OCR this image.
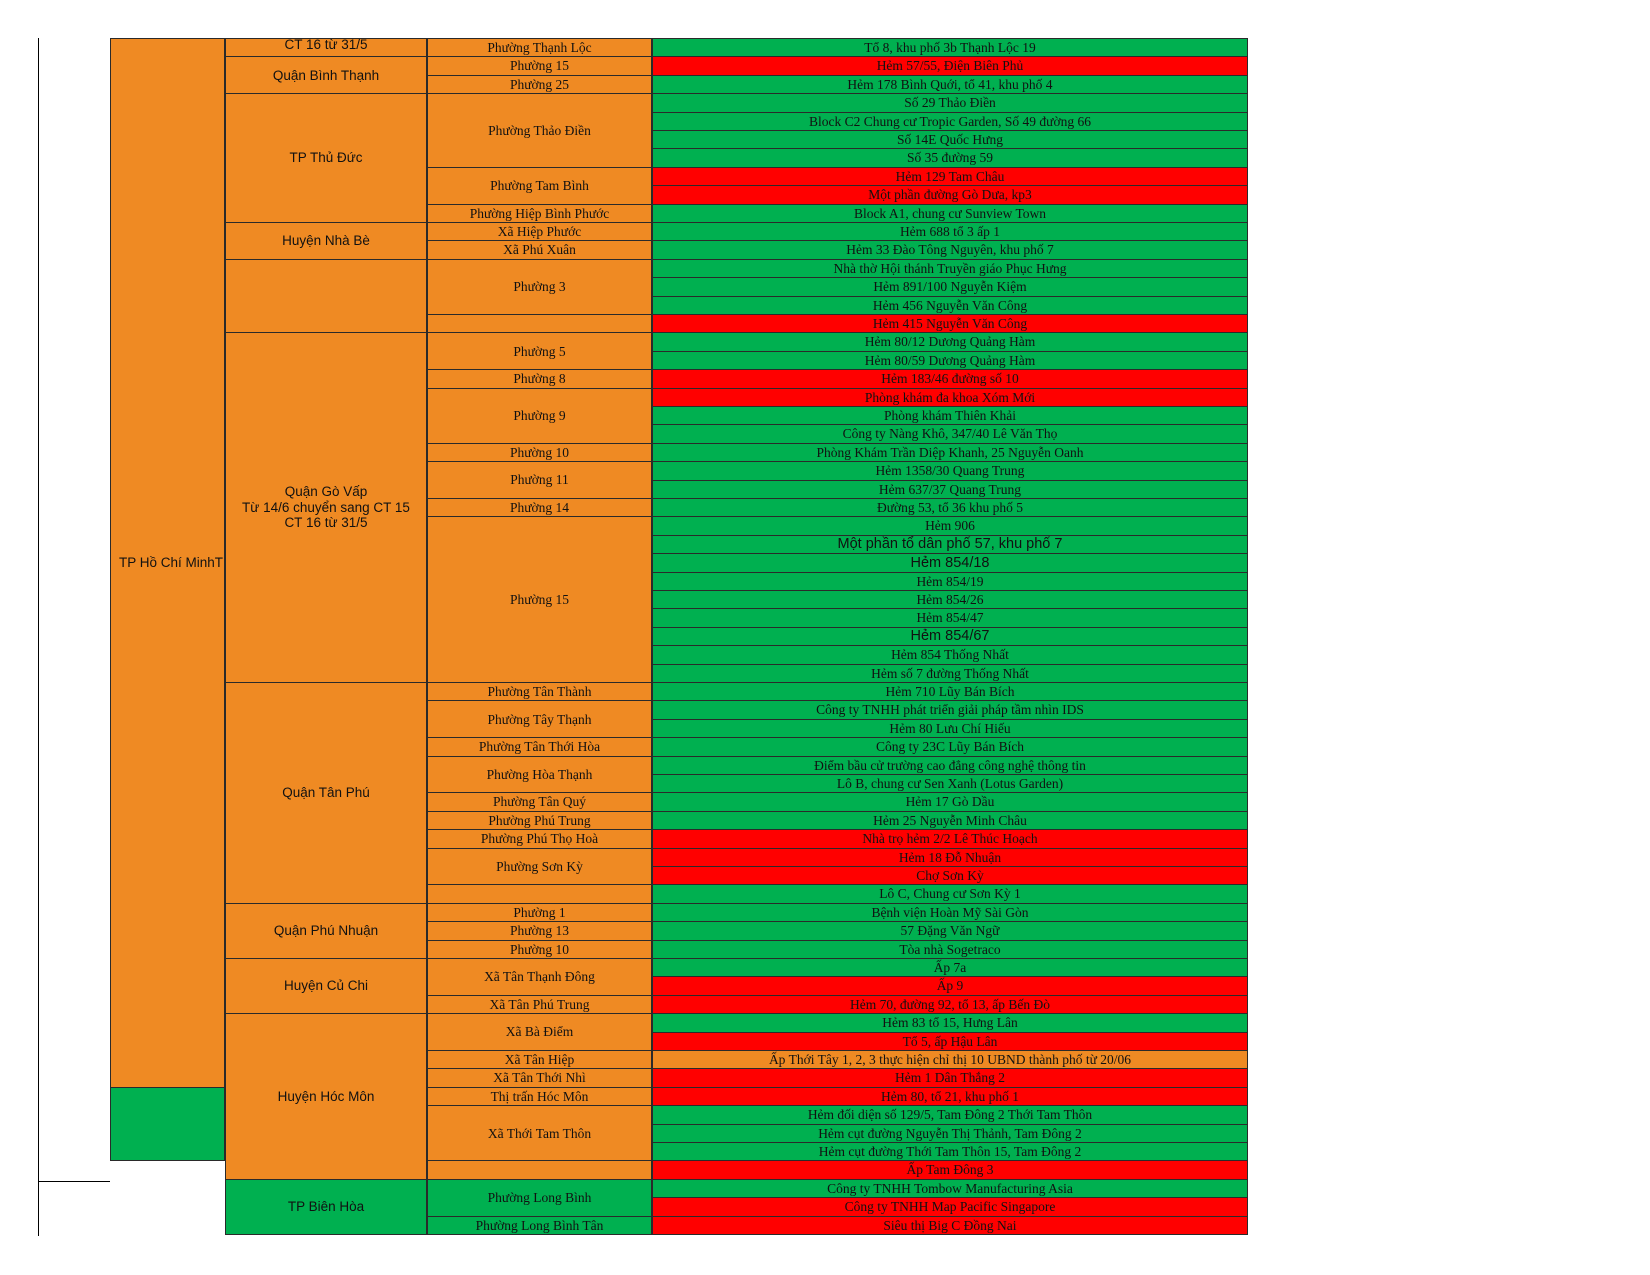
TP Hồ Chí MinhT
CT 16 từ 31/5
Quận Bình Thạnh
TP Thủ Đức
Huyện Nhà Bè
Quận Gò Vấp
Từ 14/6 chuyển sang CT 15
CT 16 từ 31/5
Quận Tân Phú
Quận Phú Nhuận
Huyện Củ Chi
Huyện Hóc Môn
TP Biên Hòa
Phường Thạnh Lộc
Phường 15
Phường 25
Phường Thảo Điền
Phường Tam Bình
Phường Hiệp Bình Phước
Xã Hiệp Phước
Xã Phú Xuân
Phường 3
Phường 5
Phường 8
Phường 9
Phường 10
Phường 11
Phường 14
Phường 15
Phường Tân Thành
Phường Tây Thạnh
Phường Tân Thới Hòa
Phường Hòa Thạnh
Phường Tân Quý
Phường Phú Trung
Phường Phú Thọ Hoà
Phường Sơn Kỳ
Phường 1
Phường 13
Phường 10
Xã Tân Thạnh Đông
Xã Tân Phú Trung
Xã Bà Điểm
Xã Tân Hiệp
Xã Tân Thới Nhì
Thị trấn Hóc Môn
Xã Thới Tam Thôn
Phường Long Bình
Phường Long Bình Tân
Tổ 8, khu phố 3b Thạnh Lộc 19
Hẻm 57/55, Điện Biên Phủ
Hẻm 178 Bình Quới, tổ 41, khu phố 4
Số 29 Thảo Điền
Block C2 Chung cư Tropic Garden, Số 49 đường 66
Số 14E Quốc Hưng
Số 35 đường 59
Hẻm 129 Tam Châu
Một phần đường Gò Dưa, kp3
Block A1, chung cư Sunview Town
Hẻm 688 tổ 3 ấp 1
Hẻm 33 Đào Tông Nguyên, khu phố 7
Nhà thờ Hội thánh Truyền giáo Phục Hưng
Hẻm 891/100 Nguyễn Kiệm
Hẻm 456 Nguyễn Văn Công
Hẻm 415 Nguyễn Văn Công
Hẻm 80/12 Dương Quảng Hàm
Hẻm 80/59 Dương Quảng Hàm
Hẻm 183/46 đường số 10
Phòng khám đa khoa Xóm Mới
Phòng khám Thiên Khải
Công ty Nàng Khô, 347/40 Lê Văn Thọ
Phòng Khám Trần Diệp Khanh, 25 Nguyễn Oanh
Hẻm 1358/30 Quang Trung
Hẻm 637/37 Quang Trung
Đường 53, tổ 36 khu phố 5
Hẻm 906
Một phần tổ dân phố 57, khu phố 7
Hẻm 854/18
Hẻm 854/19
Hẻm 854/26
Hẻm 854/47
Hẻm 854/67
Hẻm 854 Thống Nhất
Hẻm số 7 đường Thống Nhất
Hẻm 710 Lũy Bán Bích
Công ty TNHH phát triển giải pháp tầm nhìn IDS
Hẻm 80 Lưu Chí Hiếu
Công ty 23C Lũy Bán Bích
Điểm bầu cử trường cao đẳng công nghệ thông tin
Lô B, chung cư Sen Xanh (Lotus Garden)
Hẻm 17 Gò Dầu
Hẻm 25 Nguyễn Minh Châu
Nhà trọ hẻm 2/2 Lê Thúc Hoạch
Hẻm 18 Đỗ Nhuận
Chợ Sơn Kỳ
Lô C, Chung cư Sơn Kỳ 1
Bệnh viện Hoàn Mỹ Sài Gòn
57 Đặng Văn Ngữ
Tòa nhà Sogetraco
Ấp 7a
Ấp 9
Hẻm 70, đường 92, tổ 13, ấp Bến Đò
Hẻm 83 tổ 15, Hưng Lân
Tổ 5, ấp Hậu Lân
Ấp Thới Tây 1, 2, 3 thực hiện chỉ thị 10 UBND thành phố từ 20/06
Hẻm 1 Dân Thắng 2
Hẻm 80, tổ 21, khu phố 1
Hẻm đối diện số 129/5, Tam Đông 2 Thới Tam Thôn
Hẻm cụt đường Nguyễn Thị Thảnh, Tam Đông 2
Hẻm cụt đường Thới Tam Thôn 15, Tam Đông 2
Ấp Tam Đông 3
Công ty TNHH Tombow Manufacturing Asia
Công ty TNHH Map Pacific Singapore
Siêu thị Big C Đồng Nai
